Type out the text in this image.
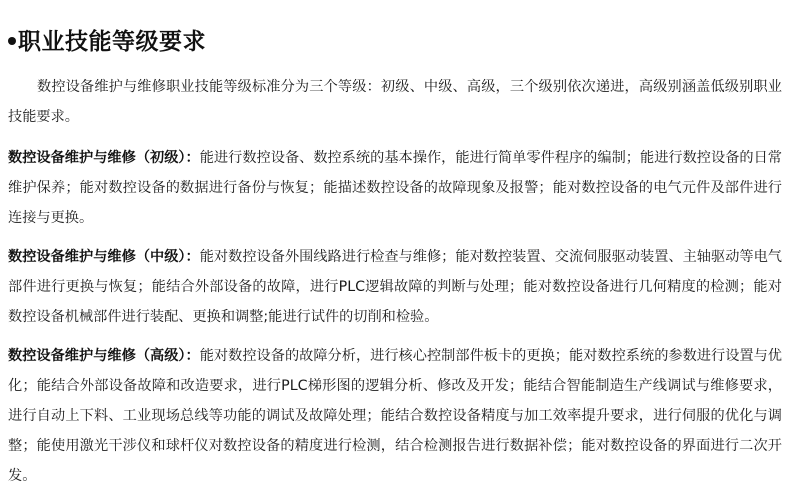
职业技能等级要求

数控设备维护与维修职业技能等级标准分为三个等级：初级、中级、高级，三个级别依次递进，高级别涵盖低级别职业技能要求。

数控设备维护与维修（初级）：能进行数控设备、数控系统的基本操作，能进行简单零件程序的编制；能进行数控设备的日常维护保养；能对数控设备的数据进行备份与恢复；能描述数控设备的故障现象及报警；能对数控设备的电气元件及部件进行连接与更换。

数控设备维护与维修（中级）：能对数控设备外围线路进行检查与维修；能对数控装置、交流伺服驱动装置、主轴驱动等电气部件进行更换与恢复；能结合外部设备的故障，进行PLC逻辑故障的判断与处理；能对数控设备进行几何精度的检测；能对数控设备机械部件进行装配、更换和调整;能进行试件的切削和检验。

数控设备维护与维修（高级）：能对数控设备的故障分析，进行核心控制部件板卡的更换；能对数控系统的参数进行设置与优化；能结合外部设备故障和改造要求，进行PLC梯形图的逻辑分析、修改及开发；能结合智能制造生产线调试与维修要求，进行自动上下料、工业现场总线等功能的调试及故障处理；能结合数控设备精度与加工效率提升要求，进行伺服的优化与调整；能使用激光干涉仪和球杆仪对数控设备的精度进行检测，结合检测报告进行数据补偿；能对数控设备的界面进行二次开发。
